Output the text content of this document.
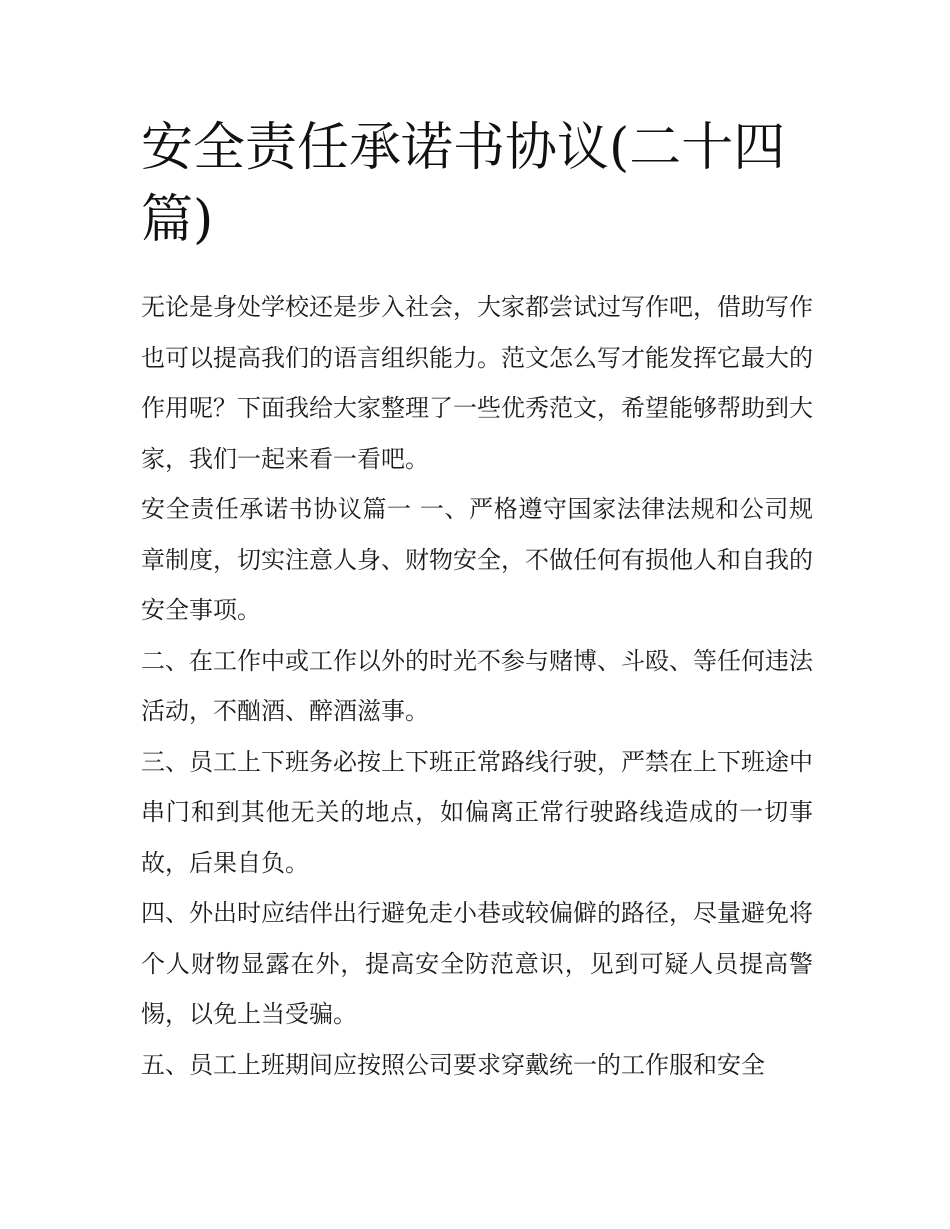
安全责任承诺书协议(二十四篇)

无论是身处学校还是步入社会，大家都尝试过写作吧，借助写作也可以提高我们的语言组织能力。范文怎么写才能发挥它最大的作用呢？下面我给大家整理了一些优秀范文，希望能够帮助到大家，我们一起来看一看吧。

安全责任承诺书协议篇一 一、严格遵守国家法律法规和公司规章制度，切实注意人身、财物安全，不做任何有损他人和自我的安全事项。

二、在工作中或工作以外的时光不参与赌博、斗殴、等任何违法活动，不酗酒、醉酒滋事。

三、员工上下班务必按上下班正常路线行驶，严禁在上下班途中串门和到其他无关的地点，如偏离正常行驶路线造成的一切事故，后果自负。

四、外出时应结伴出行避免走小巷或较偏僻的路径，尽量避免将个人财物显露在外，提高安全防范意识，见到可疑人员提高警惕，以免上当受骗。

五、员工上班期间应按照公司要求穿戴统一的工作服和安全
